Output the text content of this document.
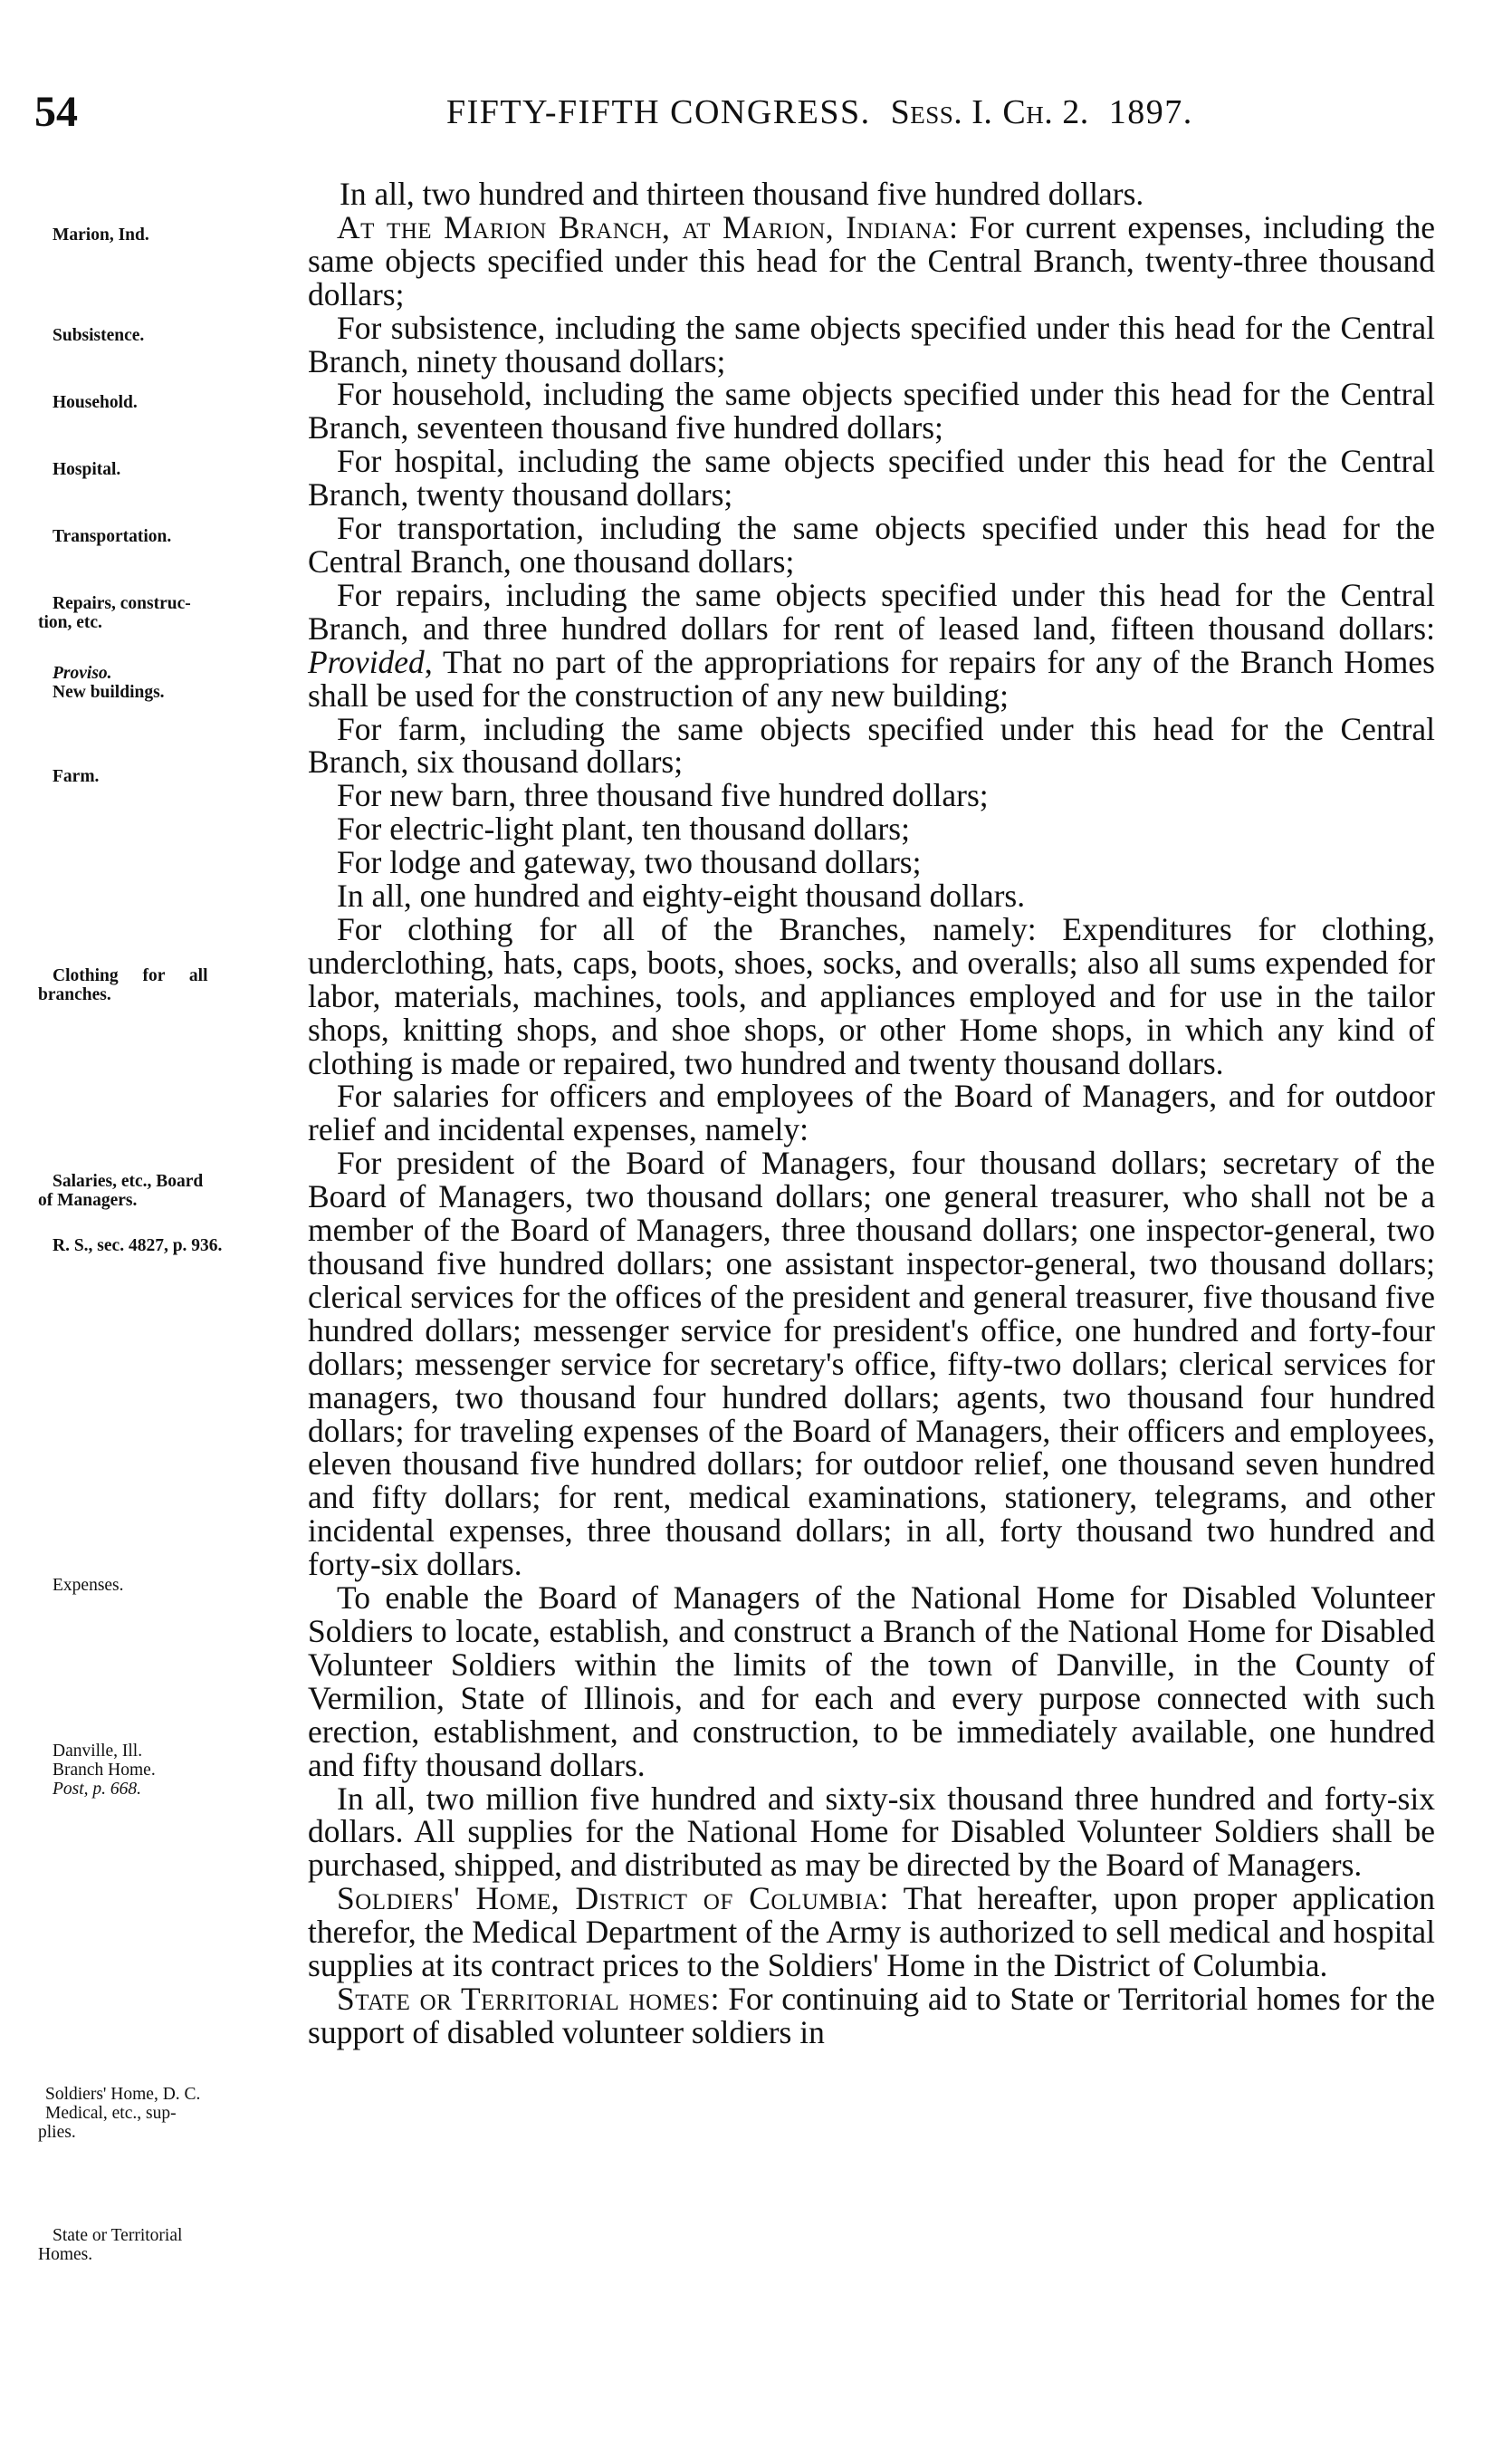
54	FIFTY-FIFTH CONGRESS. Sess. I. Ch. 2. 1897.
Marion, Ind.
Subsistence.
Household.
Hospital.
Transportation.
Repairs, construc-
tion, etc.
Proviso.
New buildings.
Farm.
Clothing for all
branches.
Salaries, etc., Board
of Managers.
R. S., sec. 4827, p. 936.
Expenses.
Danville, Ill.
Branch Home.
Post, p. 668.
Soldiers' Home, D. C.
Medical, etc., sup-
plies.
State or Territorial
Homes.

In all, two hundred and thirteen thousand five hundred dollars.

At the Marion Branch, at Marion, Indiana: For current expenses, including the same objects specified under this head for the Central Branch, twenty-three thousand dollars;

For subsistence, including the same objects specified under this head for the Central Branch, ninety thousand dollars;

For household, including the same objects specified under this head for the Central Branch, seventeen thousand five hundred dollars;

For hospital, including the same objects specified under this head for the Central Branch, twenty thousand dollars;

For transportation, including the same objects specified under this head for the Central Branch, one thousand dollars;

For repairs, including the same objects specified under this head for the Central Branch, and three hundred dollars for rent of leased land, fifteen thousand dollars: Provided, That no part of the appropriations for repairs for any of the Branch Homes shall be used for the construction of any new building;

For farm, including the same objects specified under this head for the Central Branch, six thousand dollars;

For new barn, three thousand five hundred dollars;

For electric-light plant, ten thousand dollars;

For lodge and gateway, two thousand dollars;

In all, one hundred and eighty-eight thousand dollars.

For clothing for all of the Branches, namely: Expenditures for clothing, underclothing, hats, caps, boots, shoes, socks, and overalls; also all sums expended for labor, materials, machines, tools, and appliances employed and for use in the tailor shops, knitting shops, and shoe shops, or other Home shops, in which any kind of clothing is made or repaired, two hundred and twenty thousand dollars.

For salaries for officers and employees of the Board of Managers, and for outdoor relief and incidental expenses, namely:

For president of the Board of Managers, four thousand dollars; secretary of the Board of Managers, two thousand dollars; one general treasurer, who shall not be a member of the Board of Managers, three thousand dollars; one inspector-general, two thousand five hundred dollars; one assistant inspector-general, two thousand dollars; clerical services for the offices of the president and general treasurer, five thousand five hundred dollars; messenger service for president's office, one hundred and forty-four dollars; messenger service for secretary's office, fifty-two dollars; clerical services for managers, two thousand four hundred dollars; agents, two thousand four hundred dollars; for traveling expenses of the Board of Managers, their officers and employees, eleven thousand five hundred dollars; for outdoor relief, one thousand seven hundred and fifty dollars; for rent, medical examinations, stationery, telegrams, and other incidental expenses, three thousand dollars; in all, forty thousand two hundred and forty-six dollars.

To enable the Board of Managers of the National Home for Disabled Volunteer Soldiers to locate, establish, and construct a Branch of the National Home for Disabled Volunteer Soldiers within the limits of the town of Danville, in the County of Vermilion, State of Illinois, and for each and every purpose connected with such erection, establishment, and construction, to be immediately available, one hundred and fifty thousand dollars.

In all, two million five hundred and sixty-six thousand three hundred and forty-six dollars. All supplies for the National Home for Disabled Volunteer Soldiers shall be purchased, shipped, and distributed as may be directed by the Board of Managers.

Soldiers' Home, District of Columbia: That hereafter, upon proper application therefor, the Medical Department of the Army is authorized to sell medical and hospital supplies at its contract prices to the Soldiers' Home in the District of Columbia.

State or Territorial homes: For continuing aid to State or Territorial homes for the support of disabled volunteer soldiers in
